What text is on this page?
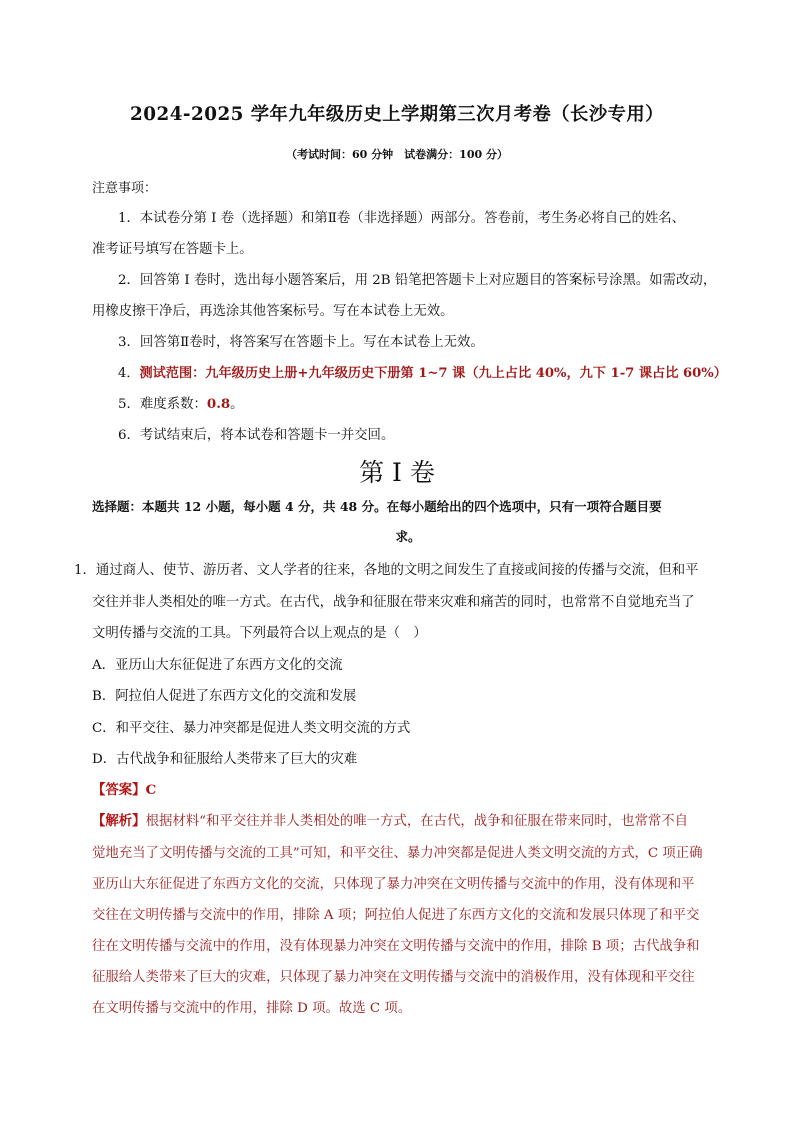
2024-2025 学年九年级历史上学期第三次月考卷（长沙专用）
（考试时间：60 分钟　试卷满分：100 分）
注意事项：
1．本试卷分第 I 卷（选择题）和第Ⅱ卷（非选择题）两部分。答卷前，考生务必将自己的姓名、
准考证号填写在答题卡上。
2．回答第 I 卷时，选出每小题答案后，用 2B 铅笔把答题卡上对应题目的答案标号涂黑。如需改动，
用橡皮擦干净后，再选涂其他答案标号。写在本试卷上无效。
3．回答第Ⅱ卷时，将答案写在答题卡上。写在本试卷上无效。
4．测试范围：九年级历史上册+九年级历史下册第 1~7 课（九上占比 40%，九下 1-7 课占比 60%）
5．难度系数：0.8。
6．考试结束后，将本试卷和答题卡一并交回。
第 I 卷
选择题：本题共 12 小题，每小题 4 分，共 48 分。在每小题给出的四个选项中，只有一项符合题目要
求。
1．通过商人、使节、游历者、文人学者的往来，各地的文明之间发生了直接或间接的传播与交流，但和平
交往并非人类相处的唯一方式。在古代，战争和征服在带来灾难和痛苦的同时，也常常不自觉地充当了
文明传播与交流的工具。下列最符合以上观点的是（　）
A．亚历山大东征促进了东西方文化的交流
B．阿拉伯人促进了东西方文化的交流和发展
C．和平交往、暴力冲突都是促进人类文明交流的方式
D．古代战争和征服给人类带来了巨大的灾难
【答案】C
【解析】根据材料“和平交往并非人类相处的唯一方式，在古代，战争和征服在带来同时，也常常不自
觉地充当了文明传播与交流的工具”可知，和平交往、暴力冲突都是促进人类文明交流的方式，C 项正确
亚历山大东征促进了东西方文化的交流，只体现了暴力冲突在文明传播与交流中的作用，没有体现和平
交往在文明传播与交流中的作用，排除 A 项；阿拉伯人促进了东西方文化的交流和发展只体现了和平交
往在文明传播与交流中的作用，没有体现暴力冲突在文明传播与交流中的作用，排除 B 项；古代战争和
征服给人类带来了巨大的灾难，只体现了暴力冲突在文明传播与交流中的消极作用，没有体现和平交往
在文明传播与交流中的作用，排除 D 项。故选 C 项。
